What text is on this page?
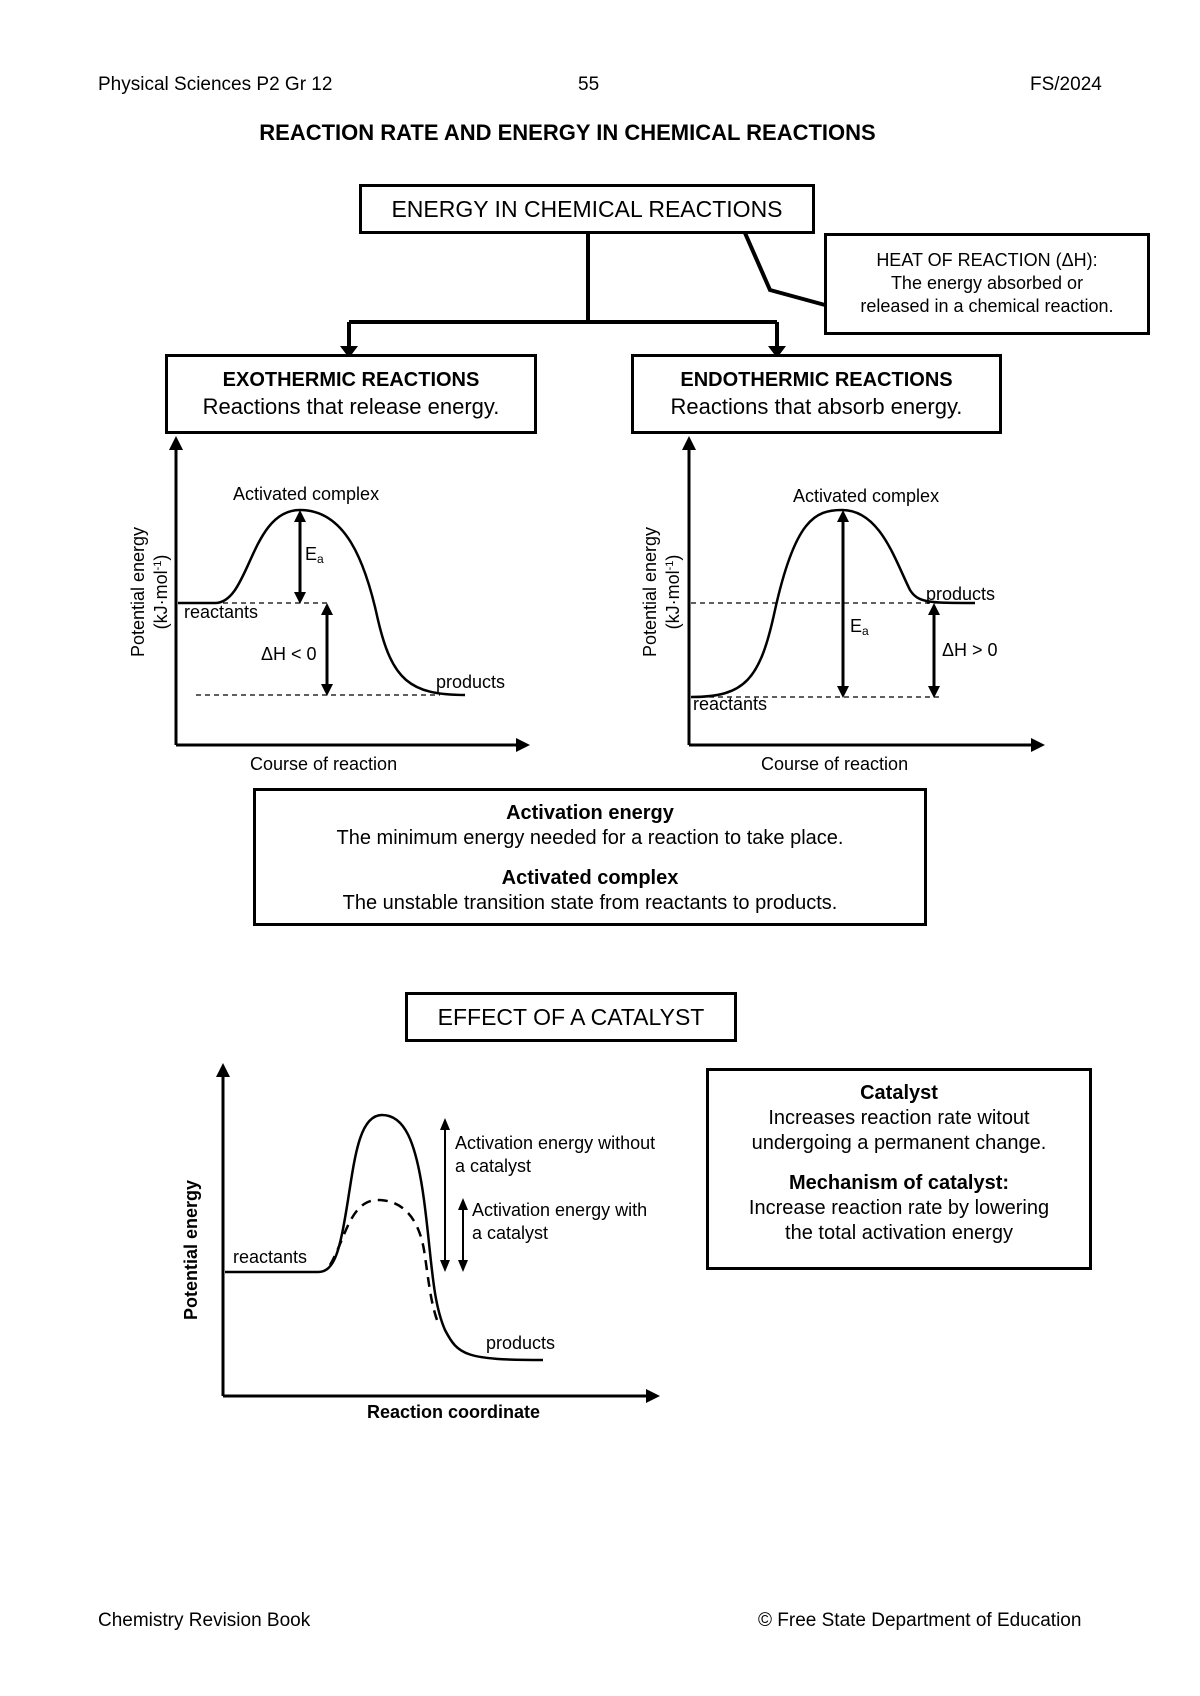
Physical Sciences P2 Gr 12	55	FS/2024
REACTION RATE AND ENERGY IN CHEMICAL REACTIONS
ENERGY IN CHEMICAL REACTIONS
HEAT OF REACTION (ΔH):
The energy absorbed or
released in a chemical reaction.
EXOTHERMIC REACTIONS
Reactions that release energy.
ENDOTHERMIC REACTIONS
Reactions that absorb energy.
Activated complex
Ea
reactants
products
ΔH < 0
Course of reaction
Potential energy (kJ·mol$^{-1}$)
Activated complex
Ea
products
reactants
ΔH > 0
Course of reaction
Potential energy (kJ·mol$^{-1}$)
Activation energy
The minimum energy needed for a reaction to take place.
Activated complex
The unstable transition state from reactants to products.
EFFECT OF A CATALYST
reactants
products
Activation energy without
a catalyst
Activation energy with
a catalyst
Reaction coordinate
Potential energy
Catalyst
Increases reaction rate witout
undergoing a permanent change.
Mechanism of catalyst:
Increase reaction rate by lowering
the total activation energy
Chemistry Revision Book	© Free State Department of Education
